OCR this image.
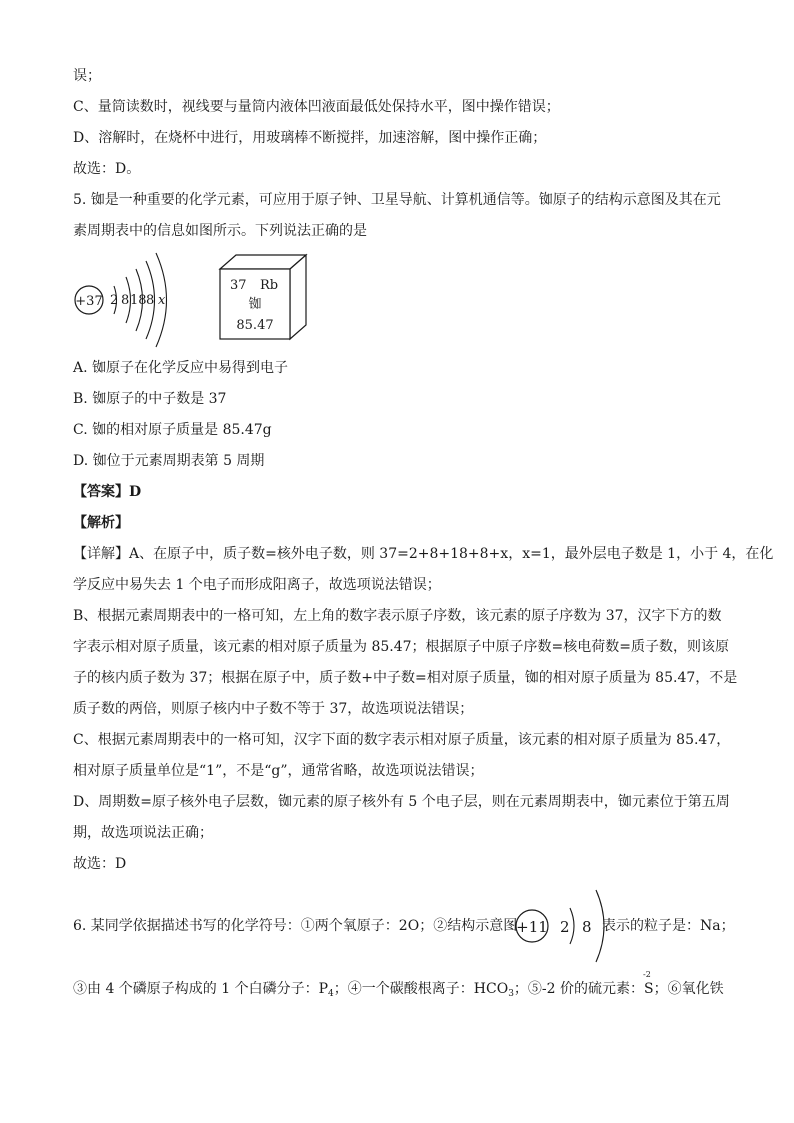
误；
C、量筒读数时，视线要与量筒内液体凹液面最低处保持水平，图中操作错误；
D、溶解时，在烧杯中进行，用玻璃棒不断搅拌，加速溶解，图中操作正确；
故选：D。
5. 铷是一种重要的化学元素，可应用于原子钟、卫星导航、计算机通信等。铷原子的结构示意图及其在元
素周期表中的信息如图所示。下列说法正确的是
+37 2 8 18 8 x
37 Rb
铷
85.47
A. 铷原子在化学反应中易得到电子
B. 铷原子的中子数是 37
C. 铷的相对原子质量是 85.47g
D. 铷位于元素周期表第 5 周期
【答案】D
【解析】
【详解】A、在原子中，质子数=核外电子数，则 37=2+8+18+8+x，x=1，最外层电子数是 1，小于 4，在化
学反应中易失去 1 个电子而形成阳离子，故选项说法错误；
B、根据元素周期表中的一格可知，左上角的数字表示原子序数，该元素的原子序数为 37，汉字下方的数
字表示相对原子质量，该元素的相对原子质量为 85.47；根据原子中原子序数=核电荷数=质子数，则该原
子的核内质子数为 37；根据在原子中，质子数+中子数=相对原子质量，铷的相对原子质量为 85.47，不是
质子数的两倍，则原子核内中子数不等于 37，故选项说法错误；
C、根据元素周期表中的一格可知，汉字下面的数字表示相对原子质量，该元素的相对原子质量为 85.47，
相对原子质量单位是“1”，不是“g”，通常省略，故选项说法错误；
D、周期数=原子核外电子层数，铷元素的原子核外有 5 个电子层，则在元素周期表中，铷元素位于第五周
期，故选项说法正确；
故选：D
6. 某同学依据描述书写的化学符号：①两个氧原子：2O；②结构示意图
+11 2 8 表示的粒子是：Na；
③由 4 个磷原子构成的 1 个白磷分子：$P_4$；④一个碳酸根离子：$HCO_3$；⑤-2 价的硫元素：
-2
S；⑥氧化铁
